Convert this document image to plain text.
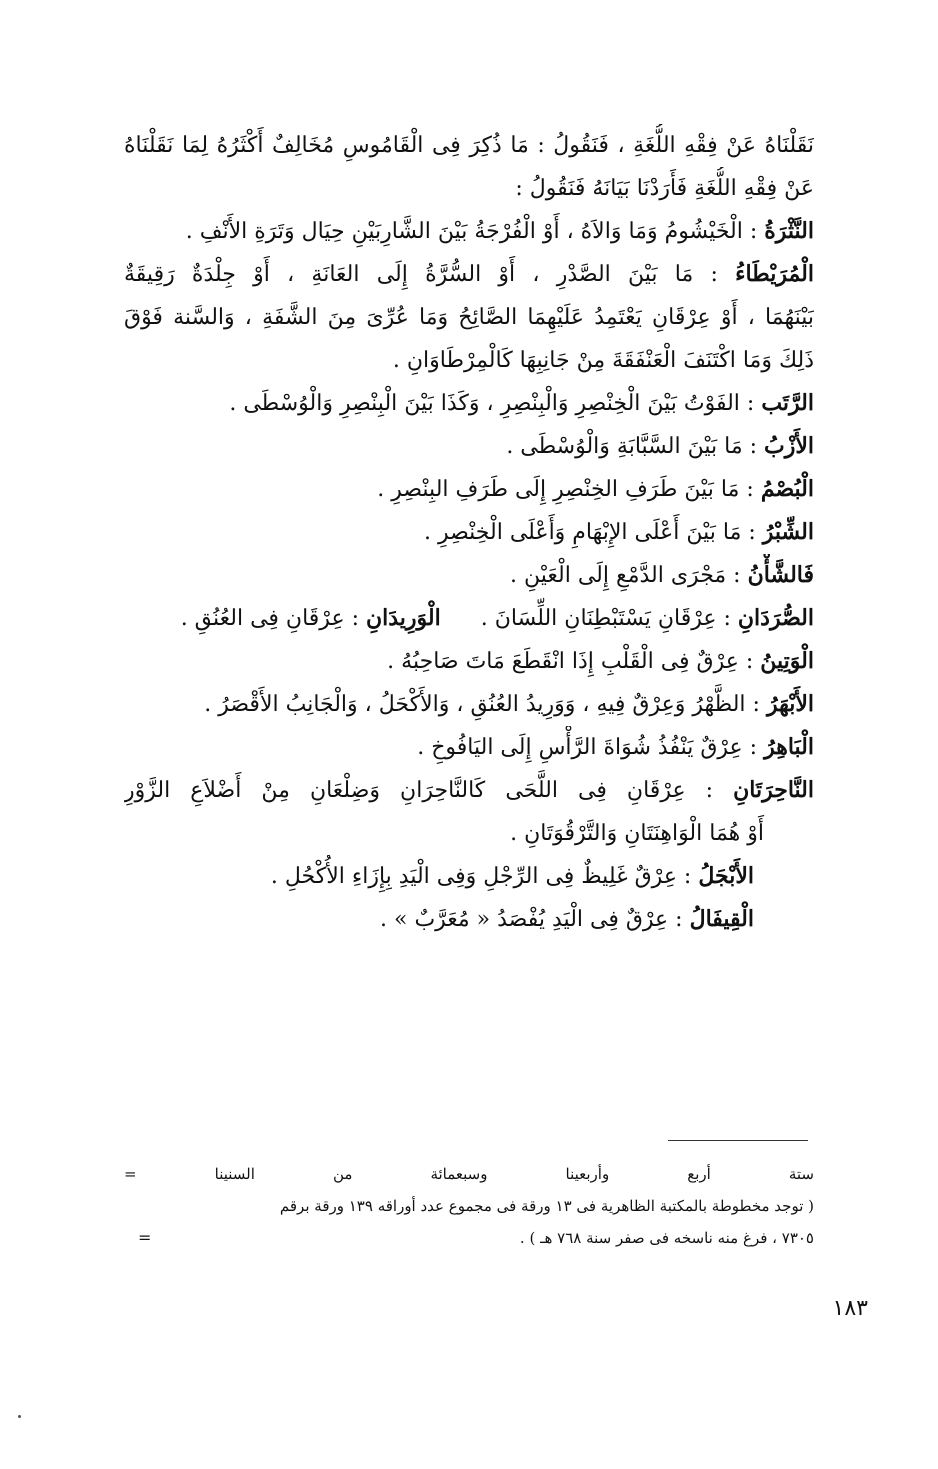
نَقَلْنَاهُ عَنْ فِقْهِ اللُّغَةِ ، فَنَقُولُ : مَا ذُكِرَ فِى الْقَامُوسِ مُخَالِفٌ أَكْثَرُهُ لِمَا نَقَلْنَاهُ
عَنْ فِقْهِ اللُّغَةِ فَأَرَدْنَا بَيَانَهُ فَنَقُولُ :
النَّثْرَةُ : الْخَيْشُومُ وَمَا وَالاَهُ ، أَوْ الْفُرْجَةُ بَيْنَ الشَّارِبَيْنِ حِيَال وَتَرَةِ الأَنْفِ .
الْمُرَيْطَاءُ : مَا بَيْنَ الصَّدْرِ ، أَوْ السُّرَّةُ إِلَى العَانَةِ ، أَوْ جِلْدَةٌ رَقِيقَةٌ
بَيْنَهُمَا ، أَوْ عِرْقَانِ يَعْتَمِدُ عَلَيْهِمَا الصَّائِحُ وَمَا عُرِّىَ مِنَ الشَّفَةِ ، وَالسَّنة فَوْقَ
ذَلِكَ وَمَا اكْتَنَفَ الْعَنْفَقَةَ مِنْ جَانِبِهَا كَالْمِرْطَاوَانِ .
الرَّتَب : الفَوْتُ بَيْنَ الْخِنْصِرِ وَالْبِنْصِرِ ، وَكَذَا بَيْنَ الْبِنْصِرِ وَالْوُسْطَى .
الأَزْبُ : مَا بَيْنَ السَّبَّابَةِ وَالْوُسْطَى .
الْبُصْمُ : مَا بَيْنَ طَرَفِ الخِنْصِرِ إِلَى طَرَفِ البِنْصِرِ .
الشِّبْرُ : مَا بَيْنَ أَعْلَى الإِبْهَامِ وَأَعْلَى الْخِنْصِرِ .
فَالشَّأْنُ : مَجْرَى الدَّمْعِ إِلَى الْعَيْنِ .
الصُّرَدَانِ : عِرْقَانِ يَسْتَبْطِنَانِ اللِّسَانَ .الْوَرِيدَانِ : عِرْقَانِ فِى العُنُقِ .
الْوَتِينُ : عِرْقٌ فِى الْقَلْبِ إِذَا انْقَطَعَ مَاتَ صَاحِبُهُ .
الأَبْهَرُ : الظَّهْرُ وَعِرْقٌ فِيهِ ، وَوَرِيدُ العُنُقِ ، وَالأَكْحَلُ ، وَالْجَانِبُ الأَقْصَرُ .
الْبَاهِرُ : عِرْقٌ يَنْفُذُ شُوَاةَ الرَّأْسِ إِلَى اليَافُوخِ .
النَّاحِرَتَانِ : عِرْقَانِ فِى اللَّحَى كَالنَّاحِرَانِ وَضِلْعَانِ مِنْ أَضْلاَعِ الزَّوْرِ
أَوْ هُمَا الْوَاهِنَتَانِ وَالتَّرْقُوَتَانِ .
الأَبْجَلُ : عِرْقٌ غَلِيظٌ فِى الرِّجْلِ وَفِى الْيَدِ بِإِزَاءِ الأُكْحُلِ .
الْقِيفَالُ : عِرْقٌ فِى الْيَدِ يُفْصَدُ « مُعَرَّبٌ » .
ستة
أربع
وأربعينا
وسبعمائة
من
السنينا
=
( توجد مخطوطة بالمكتبة الظاهرية فى ١٣ ورقة فى مجموع عدد أوراقه ١٣٩ ورقة برقم
٧٣٠٥ ، فرغ منه ناسخه فى صفر سنة ٧٦٨ هـ ) .
=
١٨٣
